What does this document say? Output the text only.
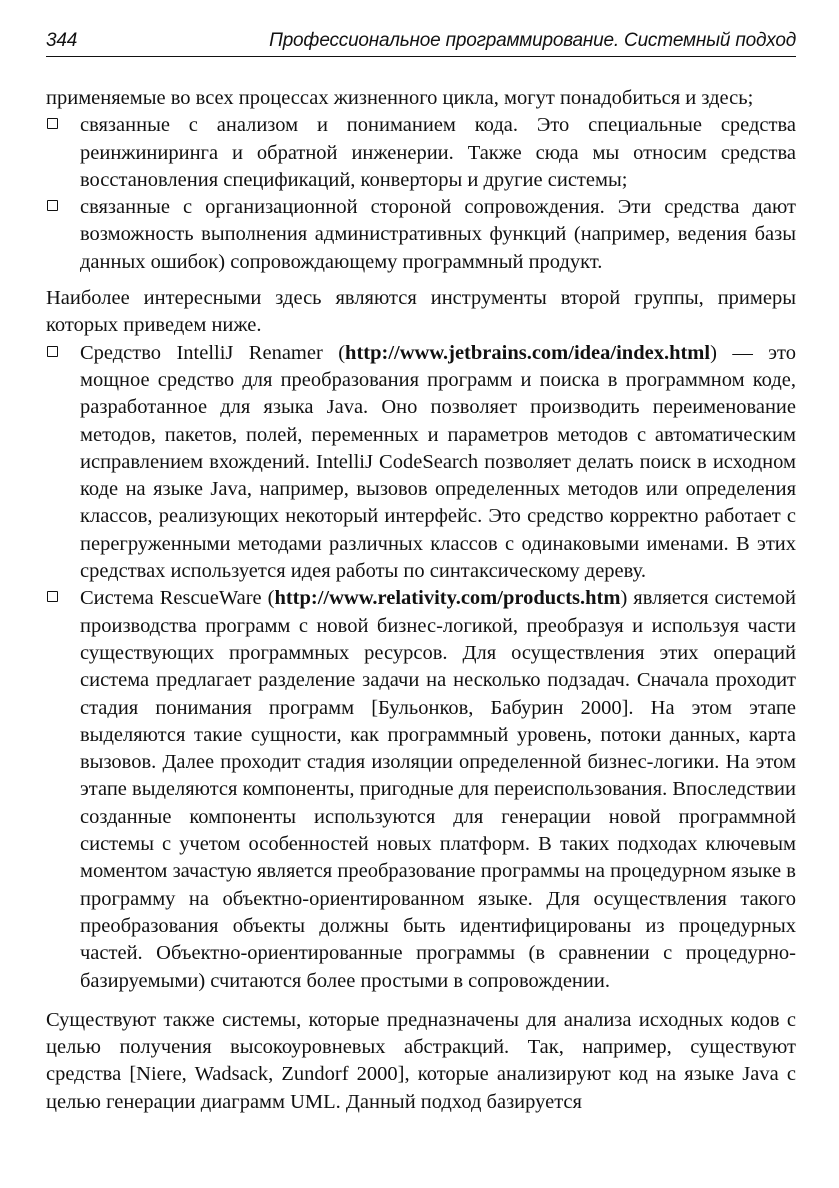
344	Профессиональное программирование. Системный подход

применяемые во всех процессах жизненного цикла, могут понадобиться и здесь;

связанные с анализом и пониманием кода. Это специальные средства реинжиниринга и обратной инженерии. Также сюда мы относим средства восстановления спецификаций, конверторы и другие системы;

связанные с организационной стороной сопровождения. Эти средства дают возможность выполнения административных функций (например, ведения базы данных ошибок) сопровождающему программный продукт.

Наиболее интересными здесь являются инструменты второй группы, примеры которых приведем ниже.

Средство IntelliJ Renamer (http://www.jetbrains.com/idea/index.html) — это мощное средство для преобразования программ и поиска в программном коде, разработанное для языка Java. Оно позволяет производить переименование методов, пакетов, полей, переменных и параметров методов с автоматическим исправлением вхождений. IntelliJ CodeSearch позволяет делать поиск в исходном коде на языке Java, например, вызовов определенных методов или определения классов, реализующих некоторый интерфейс. Это средство корректно работает с перегруженными методами различных классов с одинаковыми именами. В этих средствах используется идея работы по синтаксическому дереву.

Система RescueWare (http://www.relativity.com/products.htm) является системой производства программ с новой бизнес-логикой, преобразуя и используя части существующих программных ресурсов. Для осуществления этих операций система предлагает разделение задачи на несколько подзадач. Сначала проходит стадия понимания программ [Бульонков, Бабурин 2000]. На этом этапе выделяются такие сущности, как программный уровень, потоки данных, карта вызовов. Далее проходит стадия изоляции определенной бизнес-логики. На этом этапе выделяются компоненты, пригодные для переиспользования. Впоследствии созданные компоненты используются для генерации новой программной системы с учетом особенностей новых платформ. В таких подходах ключевым моментом зачастую является преобразование программы на процедурном языке в программу на объектно-ориентированном языке. Для осуществления такого преобразования объекты должны быть идентифицированы из процедурных частей. Объектно-ориентированные программы (в сравнении с процедурно-базируемыми) считаются более простыми в сопровождении.

Существуют также системы, которые предназначены для анализа исходных кодов с целью получения высокоуровневых абстракций. Так, например, существуют средства [Niere, Wadsack, Zundorf 2000], которые анализируют код на языке Java с целью генерации диаграмм UML. Данный подход базируется
